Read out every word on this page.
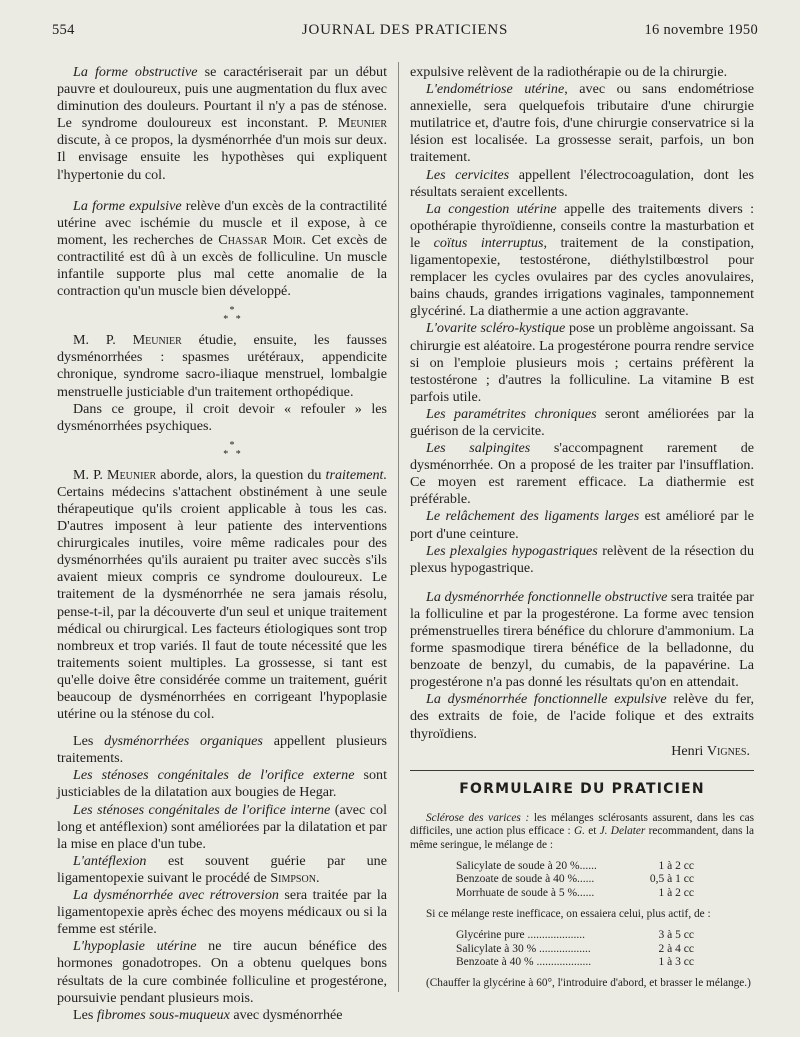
554	JOURNAL DES PRATICIENS	16 novembre 1950

La forme obstructive se caractériserait par un début pauvre et douloureux, puis une augmentation du flux avec diminution des douleurs. Pourtant il n'y a pas de sténose. Le syndrome douloureux est inconstant. P. Meunier discute, à ce propos, la dysménorrhée d'un mois sur deux. Il envisage ensuite les hypothèses qui expliquent l'hypertonie du col.

La forme expulsive relève d'un excès de la contractilité utérine avec ischémie du muscle et il expose, à ce moment, les recherches de Chassar Moir. Cet excès de contractilité est dû à un excès de folliculine. Un muscle infantile supporte plus mal cette anomalie de la contraction qu'un muscle bien développé.

*
*   *

M. P. Meunier étudie, ensuite, les fausses dysménorrhées : spasmes urétéraux, appendicite chronique, syndrome sacro-iliaque menstruel, lombalgie menstruelle justiciable d'un traitement orthopédique.

Dans ce groupe, il croit devoir « refouler » les dysménorrhées psychiques.

*
*   *

M. P. Meunier aborde, alors, la question du traitement. Certains médecins s'attachent obstinément à une seule thérapeutique qu'ils croient applicable à tous les cas. D'autres imposent à leur patiente des interventions chirurgicales inutiles, voire même radicales pour des dysménorrhées qu'ils auraient pu traiter avec succès s'ils avaient mieux compris ce syndrome douloureux. Le traitement de la dysménorrhée ne sera jamais résolu, pense-t-il, par la découverte d'un seul et unique traitement médical ou chirurgical. Les facteurs étiologiques sont trop nombreux et trop variés. Il faut de toute nécessité que les traitements soient multiples. La grossesse, si tant est qu'elle doive être considérée comme un traitement, guérit beaucoup de dysménorrhées en corrigeant l'hypoplasie utérine ou la sténose du col.

Les dysménorrhées organiques appellent plusieurs traitements.

Les sténoses congénitales de l'orifice externe sont justiciables de la dilatation aux bougies de Hegar.

Les sténoses congénitales de l'orifice interne (avec col long et antéflexion) sont améliorées par la dilatation et par la mise en place d'un tube.

L'antéflexion est souvent guérie par une ligamentopexie suivant le procédé de Simpson.

La dysménorrhée avec rétroversion sera traitée par la ligamentopexie après échec des moyens médicaux ou si la femme est stérile.

L'hypoplasie utérine ne tire aucun bénéfice des hormones gonadotropes. On a obtenu quelques bons résultats de la cure combinée folliculine et progestérone, poursuivie pendant plusieurs mois.

Les fibromes sous-muqueux avec dysménorrhée

expulsive relèvent de la radiothérapie ou de la chirurgie.

L'endométriose utérine, avec ou sans endométriose annexielle, sera quelquefois tributaire d'une chirurgie mutilatrice et, d'autre fois, d'une chirurgie conservatrice si la lésion est localisée. La grossesse serait, parfois, un bon traitement.

Les cervicites appellent l'électrocoagulation, dont les résultats seraient excellents.

La congestion utérine appelle des traitements divers : opothérapie thyroïdienne, conseils contre la masturbation et le coïtus interruptus, traitement de la constipation, ligamentopexie, testostérone, diéthylstilbœstrol pour remplacer les cycles ovulaires par des cycles anovulaires, bains chauds, grandes irrigations vaginales, tamponnement glycériné. La diathermie a une action aggravante.

L'ovarite scléro-kystique pose un problème angoissant. Sa chirurgie est aléatoire. La progestérone pourra rendre service si on l'emploie plusieurs mois ; certains préfèrent la testostérone ; d'autres la folliculine. La vitamine B est parfois utile.

Les paramétrites chroniques seront améliorées par la guérison de la cervicite.

Les salpingites s'accompagnent rarement de dysménorrhée. On a proposé de les traiter par l'insufflation. Ce moyen est rarement efficace. La diathermie est préférable.

Le relâchement des ligaments larges est amélioré par le port d'une ceinture.

Les plexalgies hypogastriques relèvent de la résection du plexus hypogastrique.

La dysménorrhée fonctionnelle obstructive sera traitée par la folliculine et par la progestérone. La forme avec tension prémenstruelles tirera bénéfice du chlorure d'ammonium. La forme spasmodique tirera bénéfice de la belladonne, du benzoate de benzyl, du cumabis, de la papavérine. La progestérone n'a pas donné les résultats qu'on en attendait.

La dysménorrhée fonctionnelle expulsive relève du fer, des extraits de foie, de l'acide folique et des extraits thyroïdiens.

Henri Vignes.

FORMULAIRE DU PRATICIEN

Sclérose des varices : les mélanges sclérosants assurent, dans les cas difficiles, une action plus efficace : G. et J. Delater recommandent, dans la même seringue, le mélange de :

Salicylate de soude à 20 %......	1 à 2 cc
Benzoate de soude à 40 %......	0,5 à 1 cc
Morrhuate de soude à 5 %......	1 à 2 cc

Si ce mélange reste inefficace, on essaiera celui, plus actif, de :

Glycérine pure ....................	3 à 5 cc
Salicylate à 30 % ..................	2 à 4 cc
Benzoate à 40 % ...................	1 à 3 cc

(Chauffer la glycérine à 60°, l'introduire d'abord, et brasser le mélange.)
